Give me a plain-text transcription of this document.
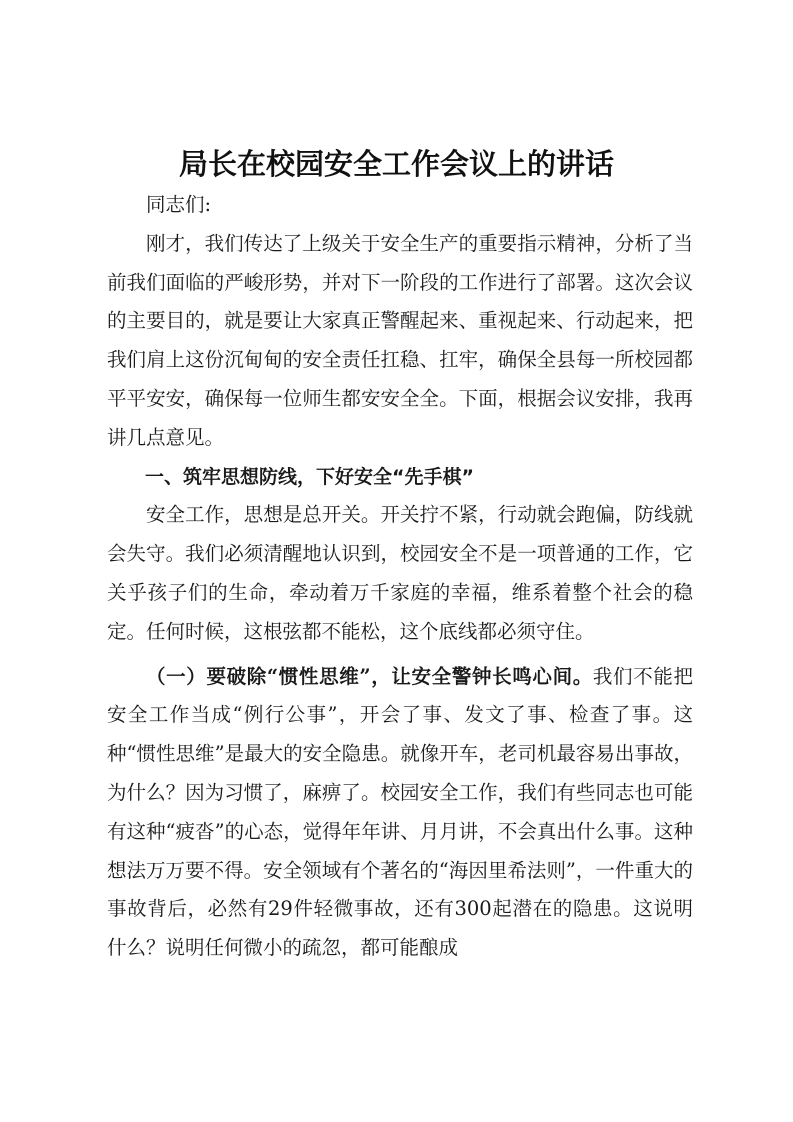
局长在校园安全工作会议上的讲话

同志们:

刚才，我们传达了上级关于安全生产的重要指示精神，分析了当前我们面临的严峻形势，并对下一阶段的工作进行了部署。这次会议的主要目的，就是要让大家真正警醒起来、重视起来、行动起来，把我们肩上这份沉甸甸的安全责任扛稳、扛牢，确保全县每一所校园都平平安安，确保每一位师生都安安全全。下面，根据会议安排，我再讲几点意见。

一、筑牢思想防线，下好安全“先手棋”

安全工作，思想是总开关。开关拧不紧，行动就会跑偏，防线就会失守。我们必须清醒地认识到，校园安全不是一项普通的工作，它关乎孩子们的生命，牵动着万千家庭的幸福，维系着整个社会的稳定。任何时候，这根弦都不能松，这个底线都必须守住。

（一）要破除“惯性思维”，让安全警钟长鸣心间。我们不能把安全工作当成“例行公事”，开会了事、发文了事、检查了事。这种“惯性思维”是最大的安全隐患。就像开车，老司机最容易出事故，为什么？因为习惯了，麻痹了。校园安全工作，我们有些同志也可能有这种“疲沓”的心态，觉得年年讲、月月讲，不会真出什么事。这种想法万万要不得。安全领域有个著名的“海因里希法则”，一件重大的事故背后，必然有29件轻微事故，还有300起潜在的隐患。这说明什么？说明任何微小的疏忽，都可能酿成
